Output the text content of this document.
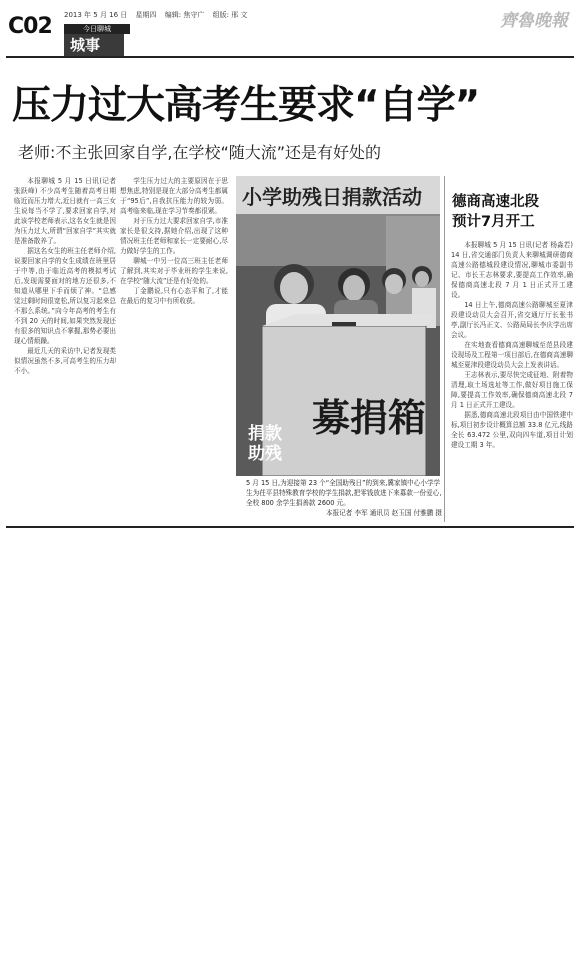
C02 2013 年 5 月 16 日 星期四 编辑: 焦守广 组版: 邢 文
今日聊城
城事
齊魯晚報
压力过大高考生要求“自学”
老师:不主张回家自学,在学校“随大流”还是有好处的

本报聊城 5 月 15 日讯(记者 张跃峰) 不少高考生随着高考日期临近而压力增大,近日就有一高三女生说每当不学了,要求回家自学,对此该学校老师表示,这名女生就是因为压力过大,所谓“回家自学”其实就是准备散养了。

据这名女生的班主任老师介绍,说要回家自学的女生成绩在班里居于中等,由于临近高考的模拟考试后,发现需要面对的地方还很多,不知道从哪里下手而烦了神。“总感觉过剩时间很宽松,所以复习起来总不那么系统。”向今年高考的考生有不到 20 天的时间,如果突然发现还有很多的知识点不掌握,那势必要出现心情烦躁。

最近几天的采访中,记者发现类似情况虽然不多,可高考生的压力却不小。

学生压力过大的主要原因在于思想焦虑,特别是现在大部分高考生都属于“95后”,自我抗压能力的较为弱。高考临来临,现在学习节奏都很紧。

对于压力过大要求回家自学,市准家长是很支持,据她介绍,出现了这种情况班主任老师和家长一定要耐心,尽力做好学生的工作。

聊城一中另一位高三班主任老师了解到,其实对于毕业班的学生来说,在学校“随大流”还是有好处的。

丁金鹏说,只有心态平和了,才能在最后的复习中有所收获。

小学助残日捐款活动
募捐箱
捐款助残
5 月 15 日,为迎接第 23 个“全国助残日”的到来,冀家镇中心小学学生为茌平县特殊教育学校的学生捐款,把零钱放进下来募款一份爱心,全校 800 余学生捐善款 2600 元。
本报记者 李军 通讯员 赵玉国 付雅鹏 摄
德商高速北段
预计7月开工

本报聊城 5 月 15 日讯(记者 杨淼若) 14 日,省交通部门负责人来聊城调研德商高速公路德城段建设情况,聊城市委副书记、市长王志林要求,要提高工作效率,确保德商高速北段 7 月 1 日正式开工建设。

14 日上午,德商高速公路聊城至夏津段建设动员大会召开,省交通厅厅长张书亭,副厅长冯正文、公路局局长李庆学出席会议。

在实地查看德商高速聊城至范县段建设现场及工程第一项目部后,在德商高速聊城至夏津段建设动员大会上发表讲话。

王志林表示,要尽快完成征地、附着物清理,取土场选址等工作,做好项目施工保障,要提高工作效率,确保德商高速北段 7 月 1 日正式开工建设。

据悉,德商高速北段项目由中国铁建中标,项目初步设计概算总额 33.8 亿元,线路全长 63.472 公里,双向四车道,项目计划建设工期 3 年。
